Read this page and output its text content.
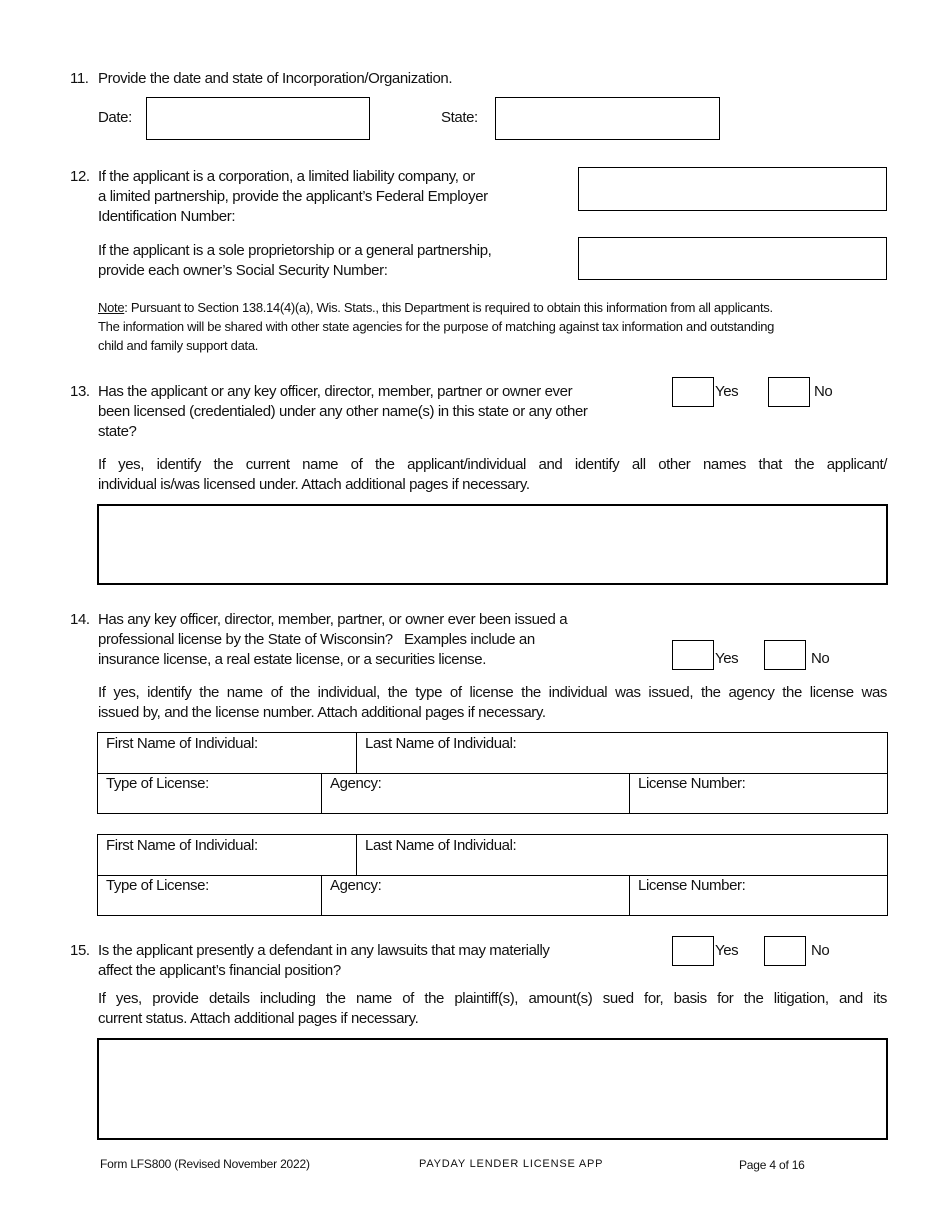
11. Provide the date and state of Incorporation/Organization.
Date:	State:
12. If the applicant is a corporation, a limited liability company, or
a limited partnership, provide the applicant’s Federal Employer
Identification Number:
If the applicant is a sole proprietorship or a general partnership,
provide each owner’s Social Security Number:
Note: Pursuant to Section 138.14(4)(a), Wis. Stats., this Department is required to obtain this information from all applicants.
The information will be shared with other state agencies for the purpose of matching against tax information and outstanding
child and family support data.
13. Has the applicant or any key officer, director, member, partner or owner ever
been licensed (credentialed) under any other name(s) in this state or any other
state?
Yes	No
If yes, identify the current name of the applicant/individual and identify all other names that the applicant/
individual is/was licensed under. Attach additional pages if necessary.
14. Has any key officer, director, member, partner, or owner ever been issued a
professional license by the State of Wisconsin?   Examples include an
insurance license, a real estate license, or a securities license.	Yes	No
If yes, identify the name of the individual, the type of license the individual was issued, the agency the license was
issued by, and the license number. Attach additional pages if necessary.
First Name of Individual:	Last Name of Individual:
Type of License:	Agency:	License Number:
First Name of Individual:	Last Name of Individual:
Type of License:	Agency:	License Number:
15. Is the applicant presently a defendant in any lawsuits that may materially
affect the applicant’s financial position?
Yes	No
If yes, provide details including the name of the plaintiff(s), amount(s) sued for, basis for the litigation, and its
current status. Attach additional pages if necessary.
Form LFS800 (Revised November 2022)	PAYDAY LENDER LICENSE APP	Page 4 of 16
